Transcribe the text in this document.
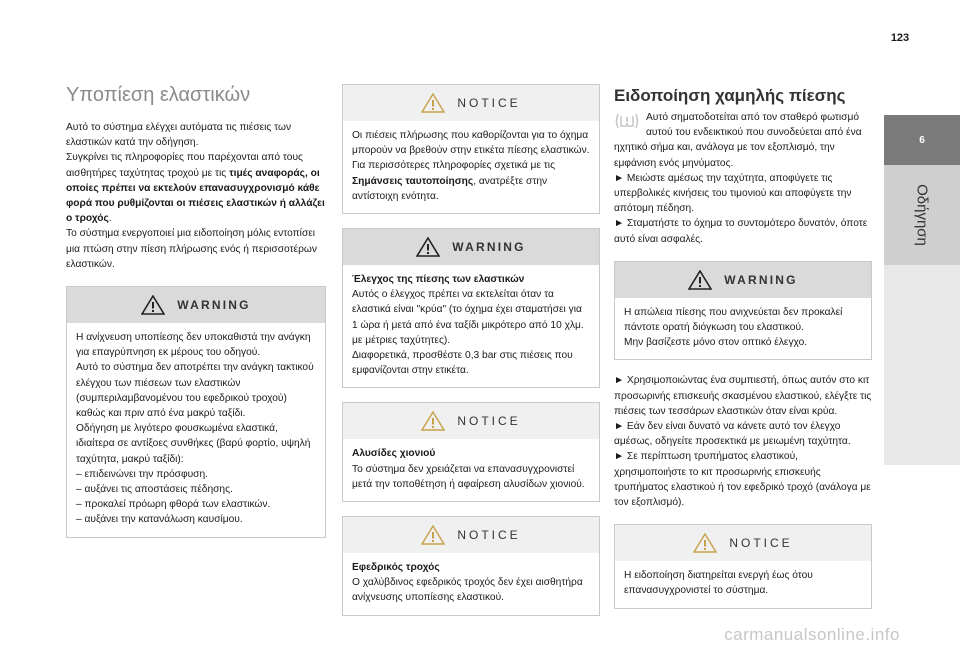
123
6
Οδήγηση
Υποπίεση ελαστικών
Αυτό το σύστημα ελέγχει αυτόματα τις πιέσεις των ελαστικών κατά την οδήγηση.
Συγκρίνει τις πληροφορίες που παρέχονται από τους αισθητήρες ταχύτητας τροχού με τις τιμές αναφοράς, οι οποίες πρέπει να εκτελούν επανασυγχρονισμό κάθε φορά που ρυθμίζονται οι πιέσεις ελαστικών ή αλλάζει ο τροχός.
Το σύστημα ενεργοποιεί μια ειδοποίηση μόλις εντοπίσει μια πτώση στην πίεση πλήρωσης ενός ή περισσοτέρων ελαστικών.
WARNING
Η ανίχνευση υποπίεσης δεν υποκαθιστά την ανάγκη για επαγρύπνηση εκ μέρους του οδηγού.
Αυτό το σύστημα δεν αποτρέπει την ανάγκη τακτικού ελέγχου των πιέσεων των ελαστικών (συμπεριλαμβανομένου του εφεδρικού τροχού) καθώς και πριν από ένα μακρύ ταξίδι.
Οδήγηση με λιγότερο φουσκωμένα ελαστικά, ιδιαίτερα σε αντίξοες συνθήκες (βαρύ φορτίο, υψηλή ταχύτητα, μακρύ ταξίδι):
– επιδεινώνει την πρόσφυση.
– αυξάνει τις αποστάσεις πέδησης.
– προκαλεί πρόωρη φθορά των ελαστικών.
– αυξάνει την κατανάλωση καυσίμου.
NOTICE
Οι πιέσεις πλήρωσης που καθορίζονται για το όχημα μπορούν να βρεθούν στην ετικέτα πίεσης ελαστικών.
Για περισσότερες πληροφορίες σχετικά με τις Σημάνσεις ταυτοποίησης, ανατρέξτε στην αντίστοιχη ενότητα.
WARNING
Έλεγχος της πίεσης των ελαστικών
Αυτός ο έλεγχος πρέπει να εκτελείται όταν τα ελαστικά είναι "κρύα" (το όχημα έχει σταματήσει για 1 ώρα ή μετά από ένα ταξίδι μικρότερο από 10 χλμ. με μέτριες ταχύτητες).
Διαφορετικά, προσθέστε 0,3 bar στις πιέσεις που εμφανίζονται στην ετικέτα.
NOTICE
Αλυσίδες χιονιού
Το σύστημα δεν χρειάζεται να επανασυγχρονιστεί μετά την τοποθέτηση ή αφαίρεση αλυσίδων χιονιού.
NOTICE
Εφεδρικός τροχός
Ο χαλύβδινος εφεδρικός τροχός δεν έχει αισθητήρα ανίχνευσης υποπίεσης ελαστικού.
Ειδοποίηση χαμηλής πίεσης
Αυτό σηματοδοτείται από τον σταθερό φωτισμό αυτού του ενδεικτικού που συνοδεύεται από ένα ηχητικό σήμα και, ανάλογα με τον εξοπλισμό, την εμφάνιση ενός μηνύματος.
► Μειώστε αμέσως την ταχύτητα, αποφύγετε τις υπερβολικές κινήσεις του τιμονιού και αποφύγετε την απότομη πέδηση.
► Σταματήστε το όχημα το συντομότερο δυνατόν, όποτε αυτό είναι ασφαλές.
WARNING
Η απώλεια πίεσης που ανιχνεύεται δεν προκαλεί πάντοτε ορατή διόγκωση του ελαστικού.
Μην βασίζεστε μόνο στον οπτικό έλεγχο.
► Χρησιμοποιώντας ένα συμπιεστή, όπως αυτόν στο κιτ προσωρινής επισκευής σκασμένου ελαστικού, ελέγξτε τις πιέσεις των τεσσάρων ελαστικών όταν είναι κρύα.
► Εάν δεν είναι δυνατό να κάνετε αυτό τον έλεγχο αμέσως, οδηγείτε προσεκτικά με μειωμένη ταχύτητα.
► Σε περίπτωση τρυπήματος ελαστικού, χρησιμοποιήστε το κιτ προσωρινής επισκευής τρυπήματος ελαστικού ή τον εφεδρικό τροχό (ανάλογα με τον εξοπλισμό).
NOTICE
Η ειδοποίηση διατηρείται ενεργή έως ότου επανασυγχρονιστεί το σύστημα.
carmanualsonline.info
